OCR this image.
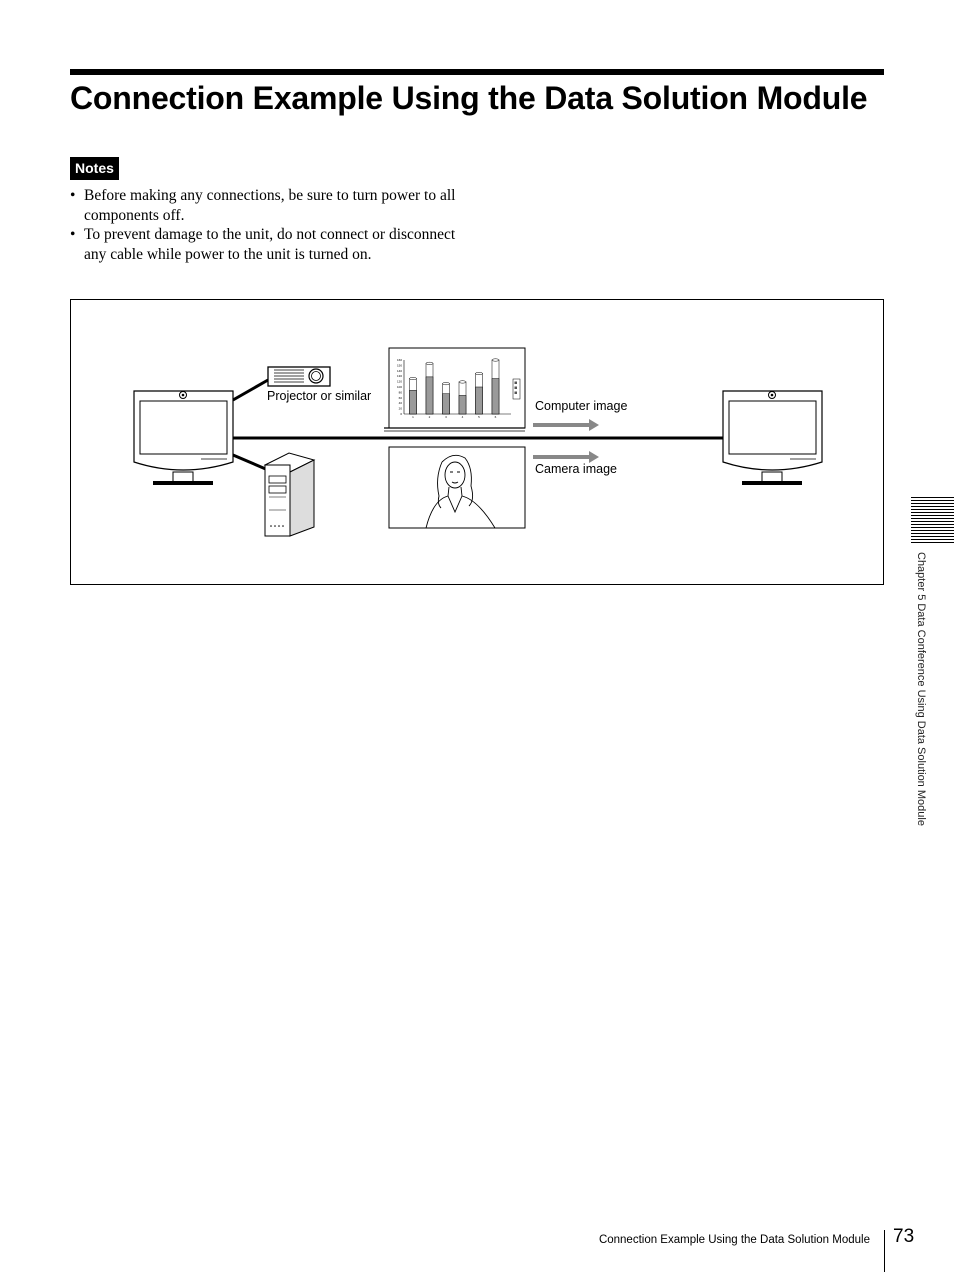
Connection Example Using the Data Solution Module
Notes
• Before making any connections, be sure to turn power to all components off.
• To prevent damage to the unit, do not connect or disconnect any cable while power to the unit is turned on.
160
150
140
130
120
100
80
60
40
20
0
1	2	3	4	5	6
Projector or similar
Computer image
Camera image
Chapter 5 Data Conference Using Data Solution Module
Connection Example Using the Data Solution Module 73
